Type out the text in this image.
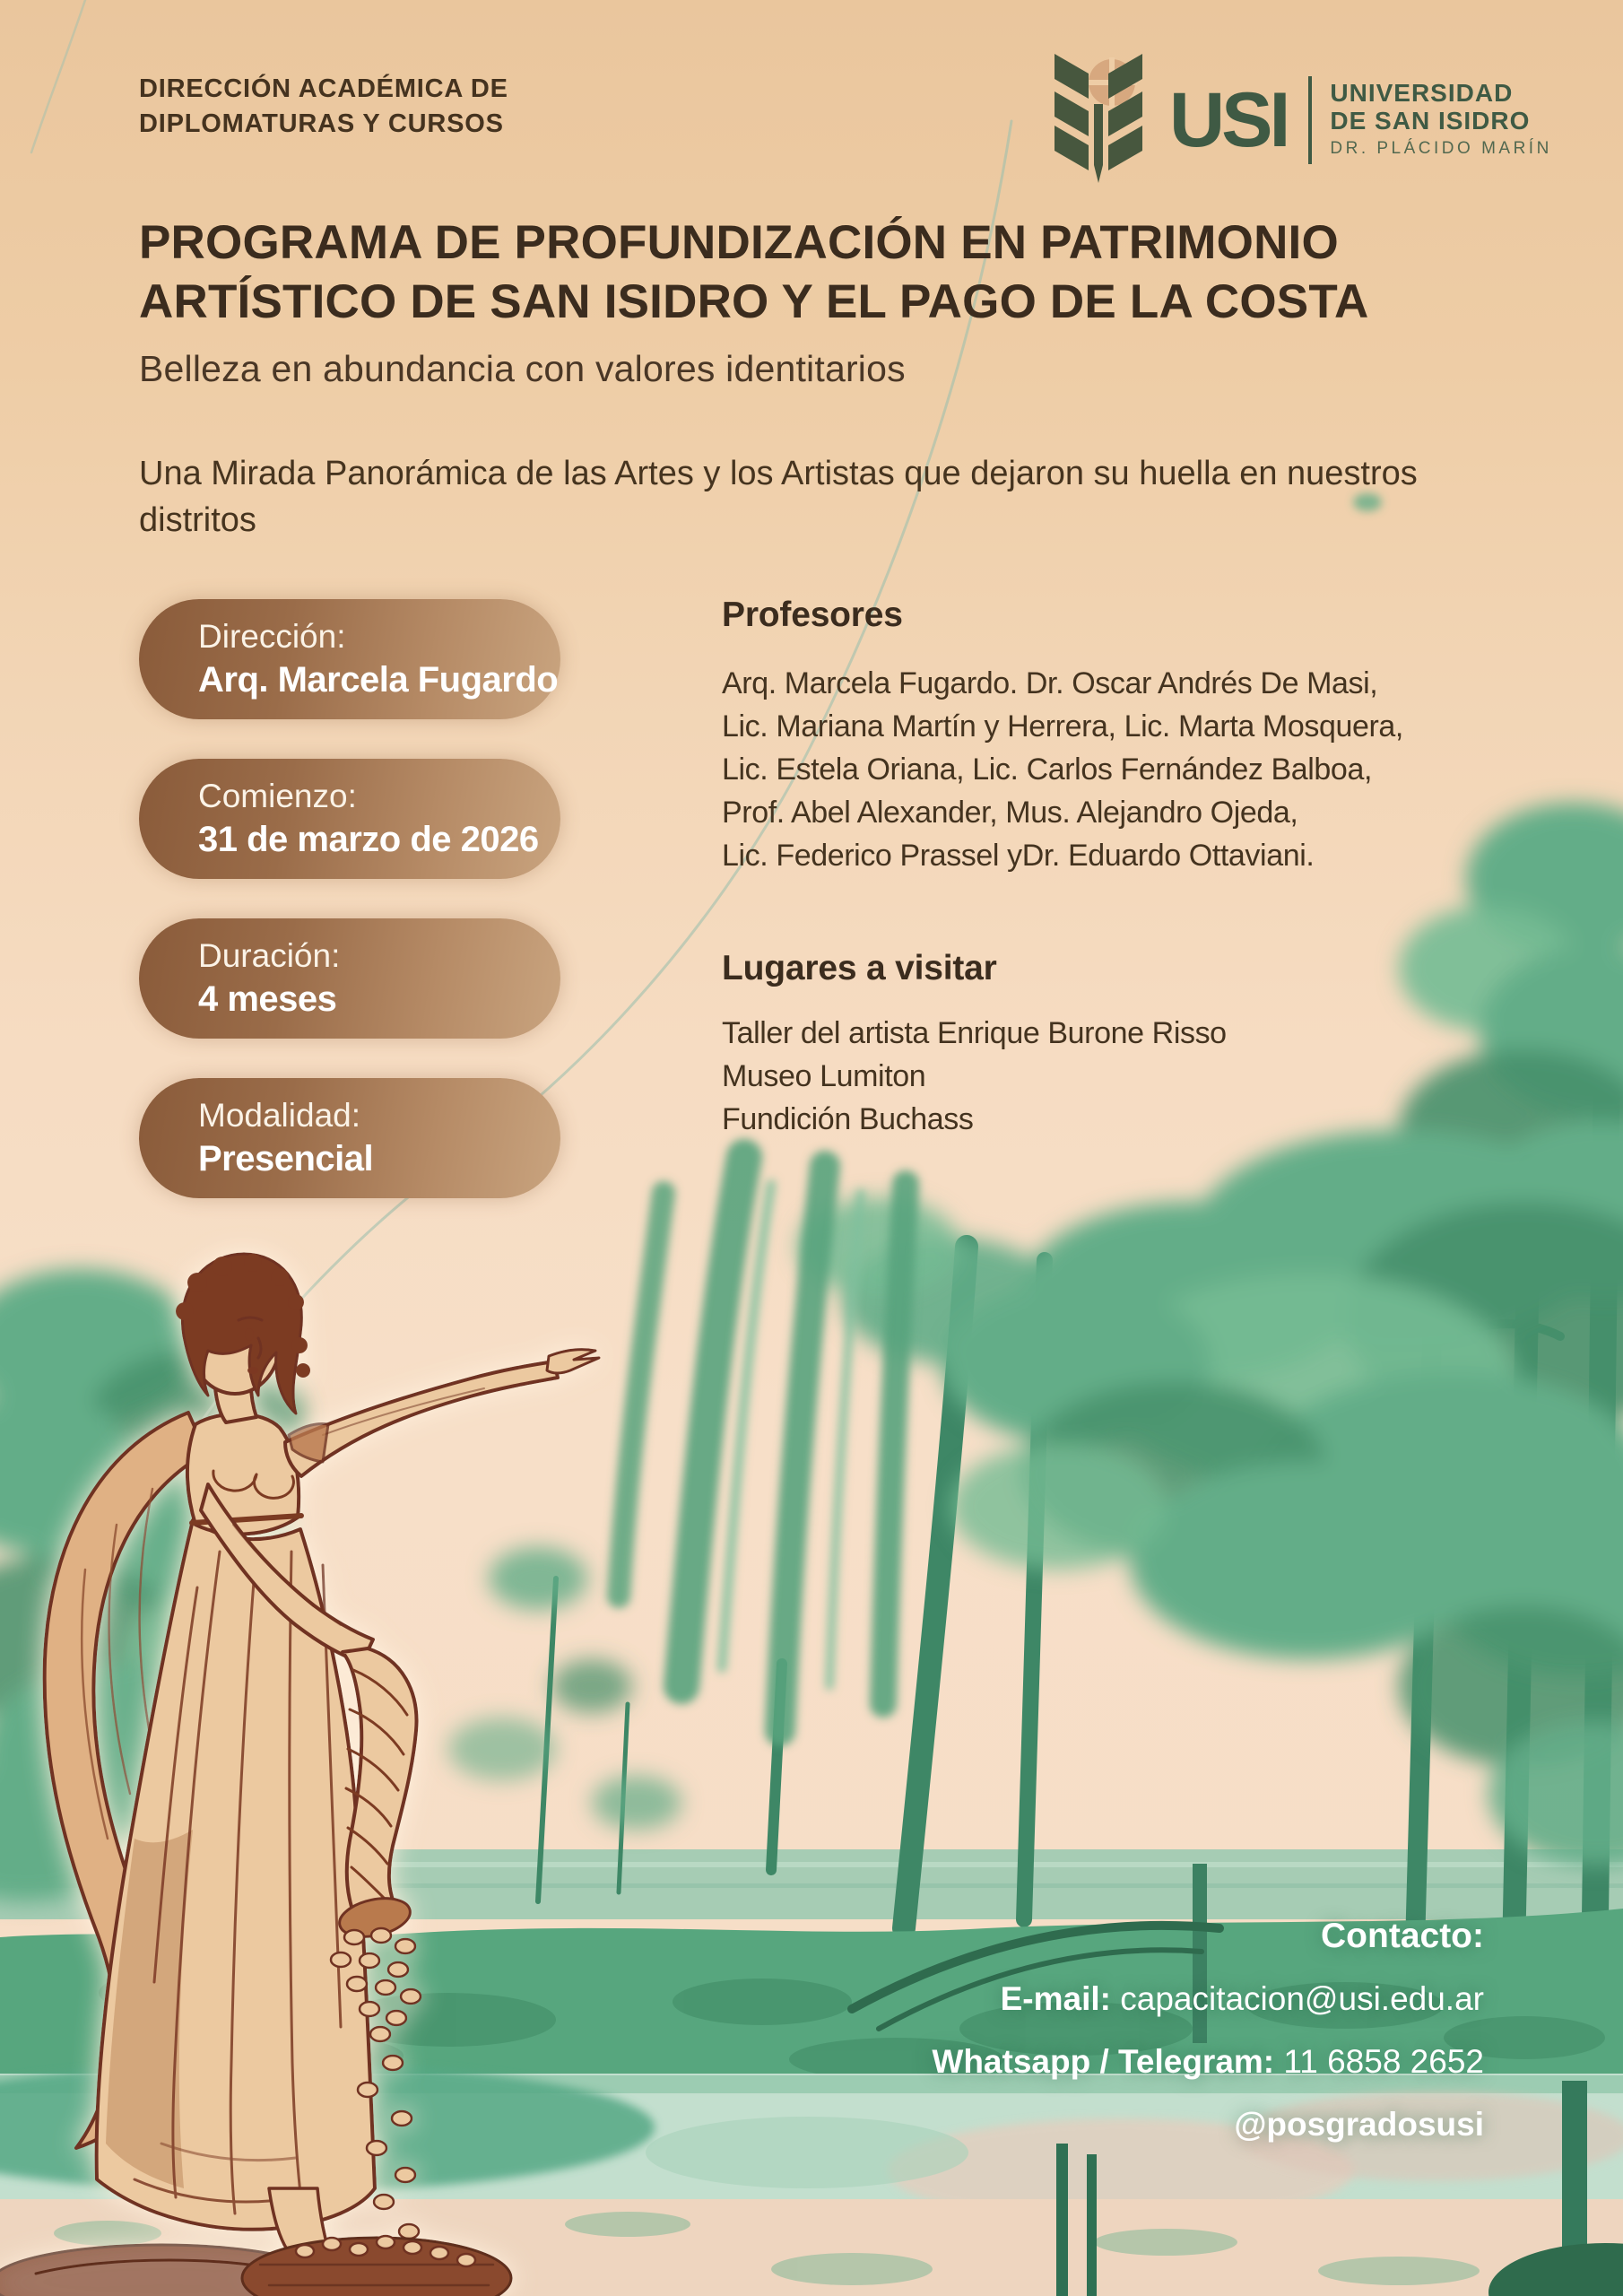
DIRECCIÓN ACADÉMICA DE
DIPLOMATURAS Y CURSOS	USI UNIVERSIDAD
DE SAN ISIDRO
DR. PLÁCIDO MARÍN
PROGRAMA DE PROFUNDIZACIÓN EN PATRIMONIO
ARTÍSTICO DE SAN ISIDRO Y EL PAGO DE LA COSTA
Belleza en abundancia con valores identitarios
Una Mirada Panorámica de las Artes y los Artistas que dejaron su huella en nuestros distritos
Dirección:
Arq. Marcela Fugardo
Comienzo:
31 de marzo de 2026
Duración:
4 meses
Modalidad:
Presencial
Profesores
Arq. Marcela Fugardo. Dr. Oscar Andrés De Masi,
Lic. Mariana Martín y Herrera, Lic. Marta Mosquera,
Lic. Estela Oriana, Lic. Carlos Fernández Balboa,
Prof. Abel Alexander, Mus. Alejandro Ojeda,
Lic. Federico Prassel yDr. Eduardo Ottaviani.
Lugares a visitar
Taller del artista Enrique Burone Risso
Museo Lumiton
Fundición Buchass
Contacto:
E-mail: capacitacion@usi.edu.ar
Whatsapp / Telegram: 11 6858 2652
@posgradosusi
